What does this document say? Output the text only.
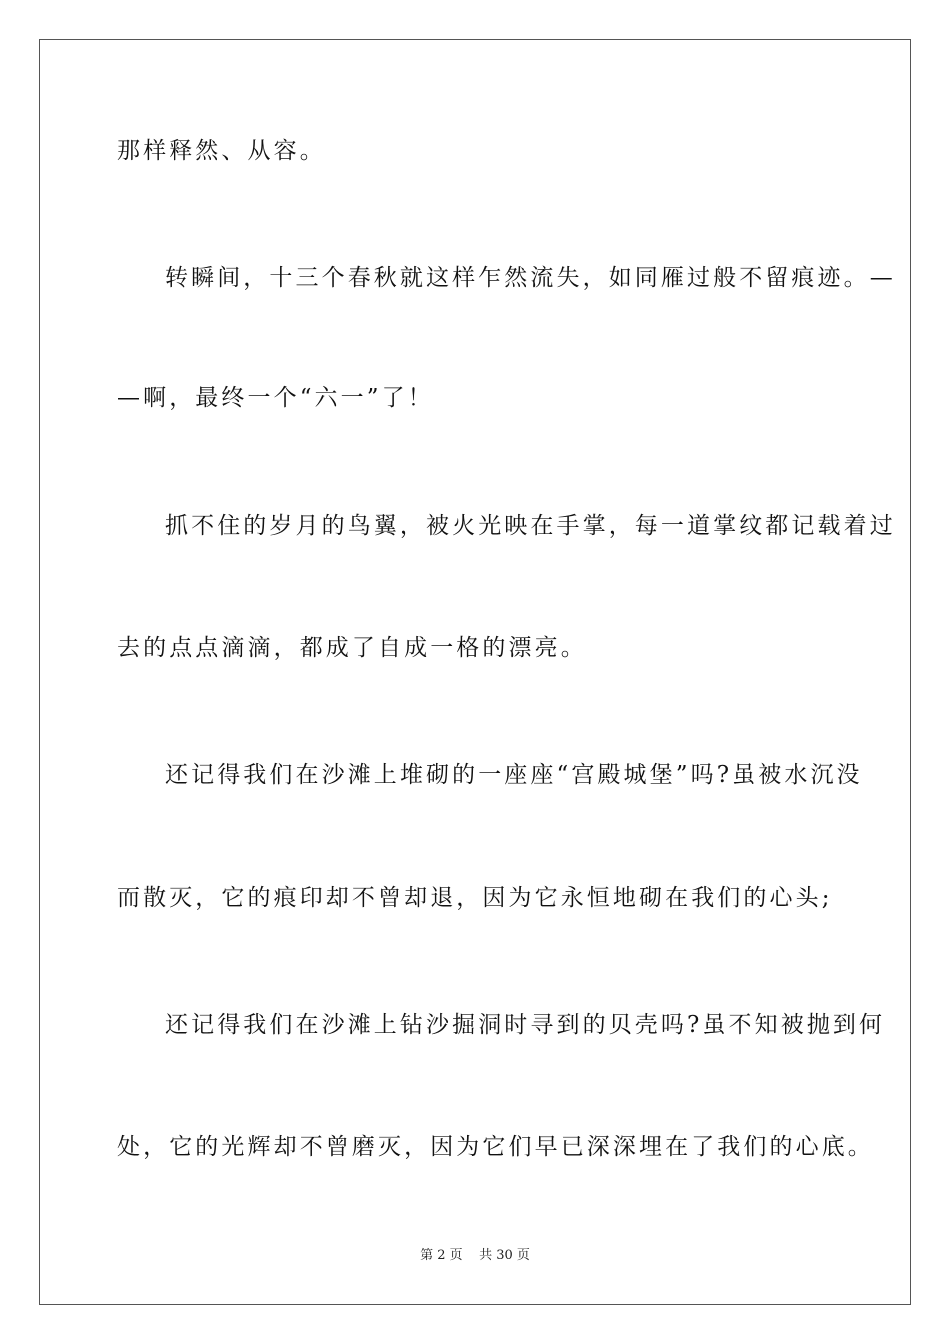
那样释然、从容。
转瞬间，十三个春秋就这样乍然流失，如同雁过般不留痕迹。—
—啊，最终一个“六一”了！
抓不住的岁月的鸟翼，被火光映在手掌，每一道掌纹都记载着过
去的点点滴滴，都成了自成一格的漂亮。
还记得我们在沙滩上堆砌的一座座“宫殿城堡”吗?虽被水沉没
而散灭，它的痕印却不曾却退，因为它永恒地砌在我们的心头;
还记得我们在沙滩上钻沙掘洞时寻到的贝壳吗?虽不知被抛到何
处，它的光辉却不曾磨灭，因为它们早已深深埋在了我们的心底。
第 2 页    共 30 页
